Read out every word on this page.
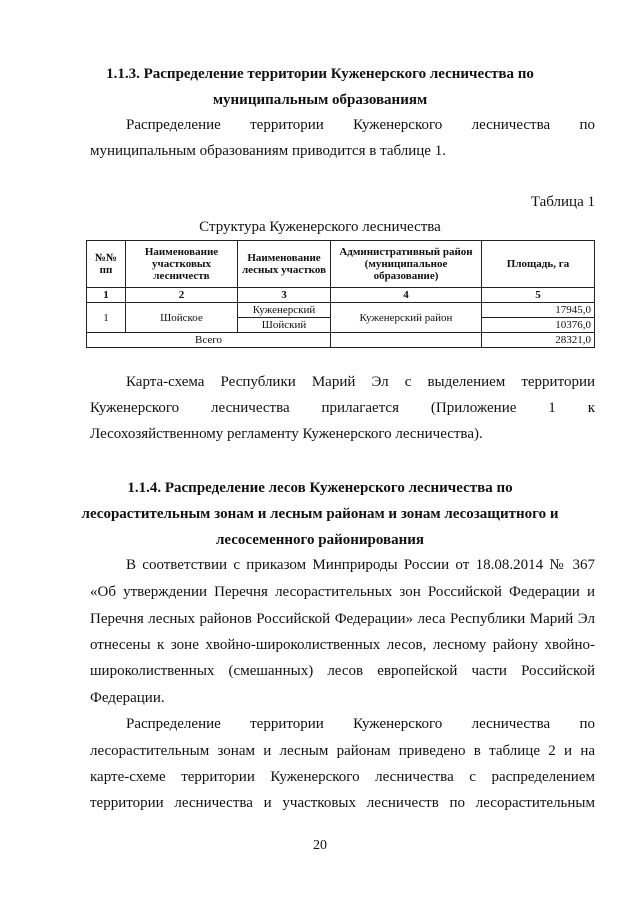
1.1.3. Распределение территории Куженерского лесничества по
муниципальным образованиям
Распределение территории Куженерского лесничества по
муниципальным образованиям приводится в таблице 1.
Таблица 1
Структура Куженерского лесничества
№№ пп	Наименование участковых лесничеств	Наименование лесных участков	Административный район (муниципальное образование)	Площадь, га
1	2	3	4	5
1	Шойское	Куженерский	Куженерский район	17945,0
		Шойский		10376,0
Всего				28321,0
Карта-схема Республики Марий Эл с выделением территории
Куженерского лесничества прилагается (Приложение 1 к
Лесохозяйственному регламенту Куженерского лесничества).
1.1.4. Распределение лесов Куженерского лесничества по
лесорастительным зонам и лесным районам и зонам лесозащитного и
лесосеменного районирования
В соответствии с приказом Минприроды России от 18.08.2014 № 367
«Об утверждении Перечня лесорастительных зон Российской Федерации и
Перечня лесных районов Российской Федерации» леса Республики Марий Эл
отнесены к зоне хвойно-широколиственных лесов, лесному району хвойно-
широколиственных (смешанных) лесов европейской части Российской
Федерации.
Распределение территории Куженерского лесничества по
лесорастительным зонам и лесным районам приведено в таблице 2 и на
карте-схеме территории Куженерского лесничества с распределением
территории лесничества и участковых лесничеств по лесорастительным
20
